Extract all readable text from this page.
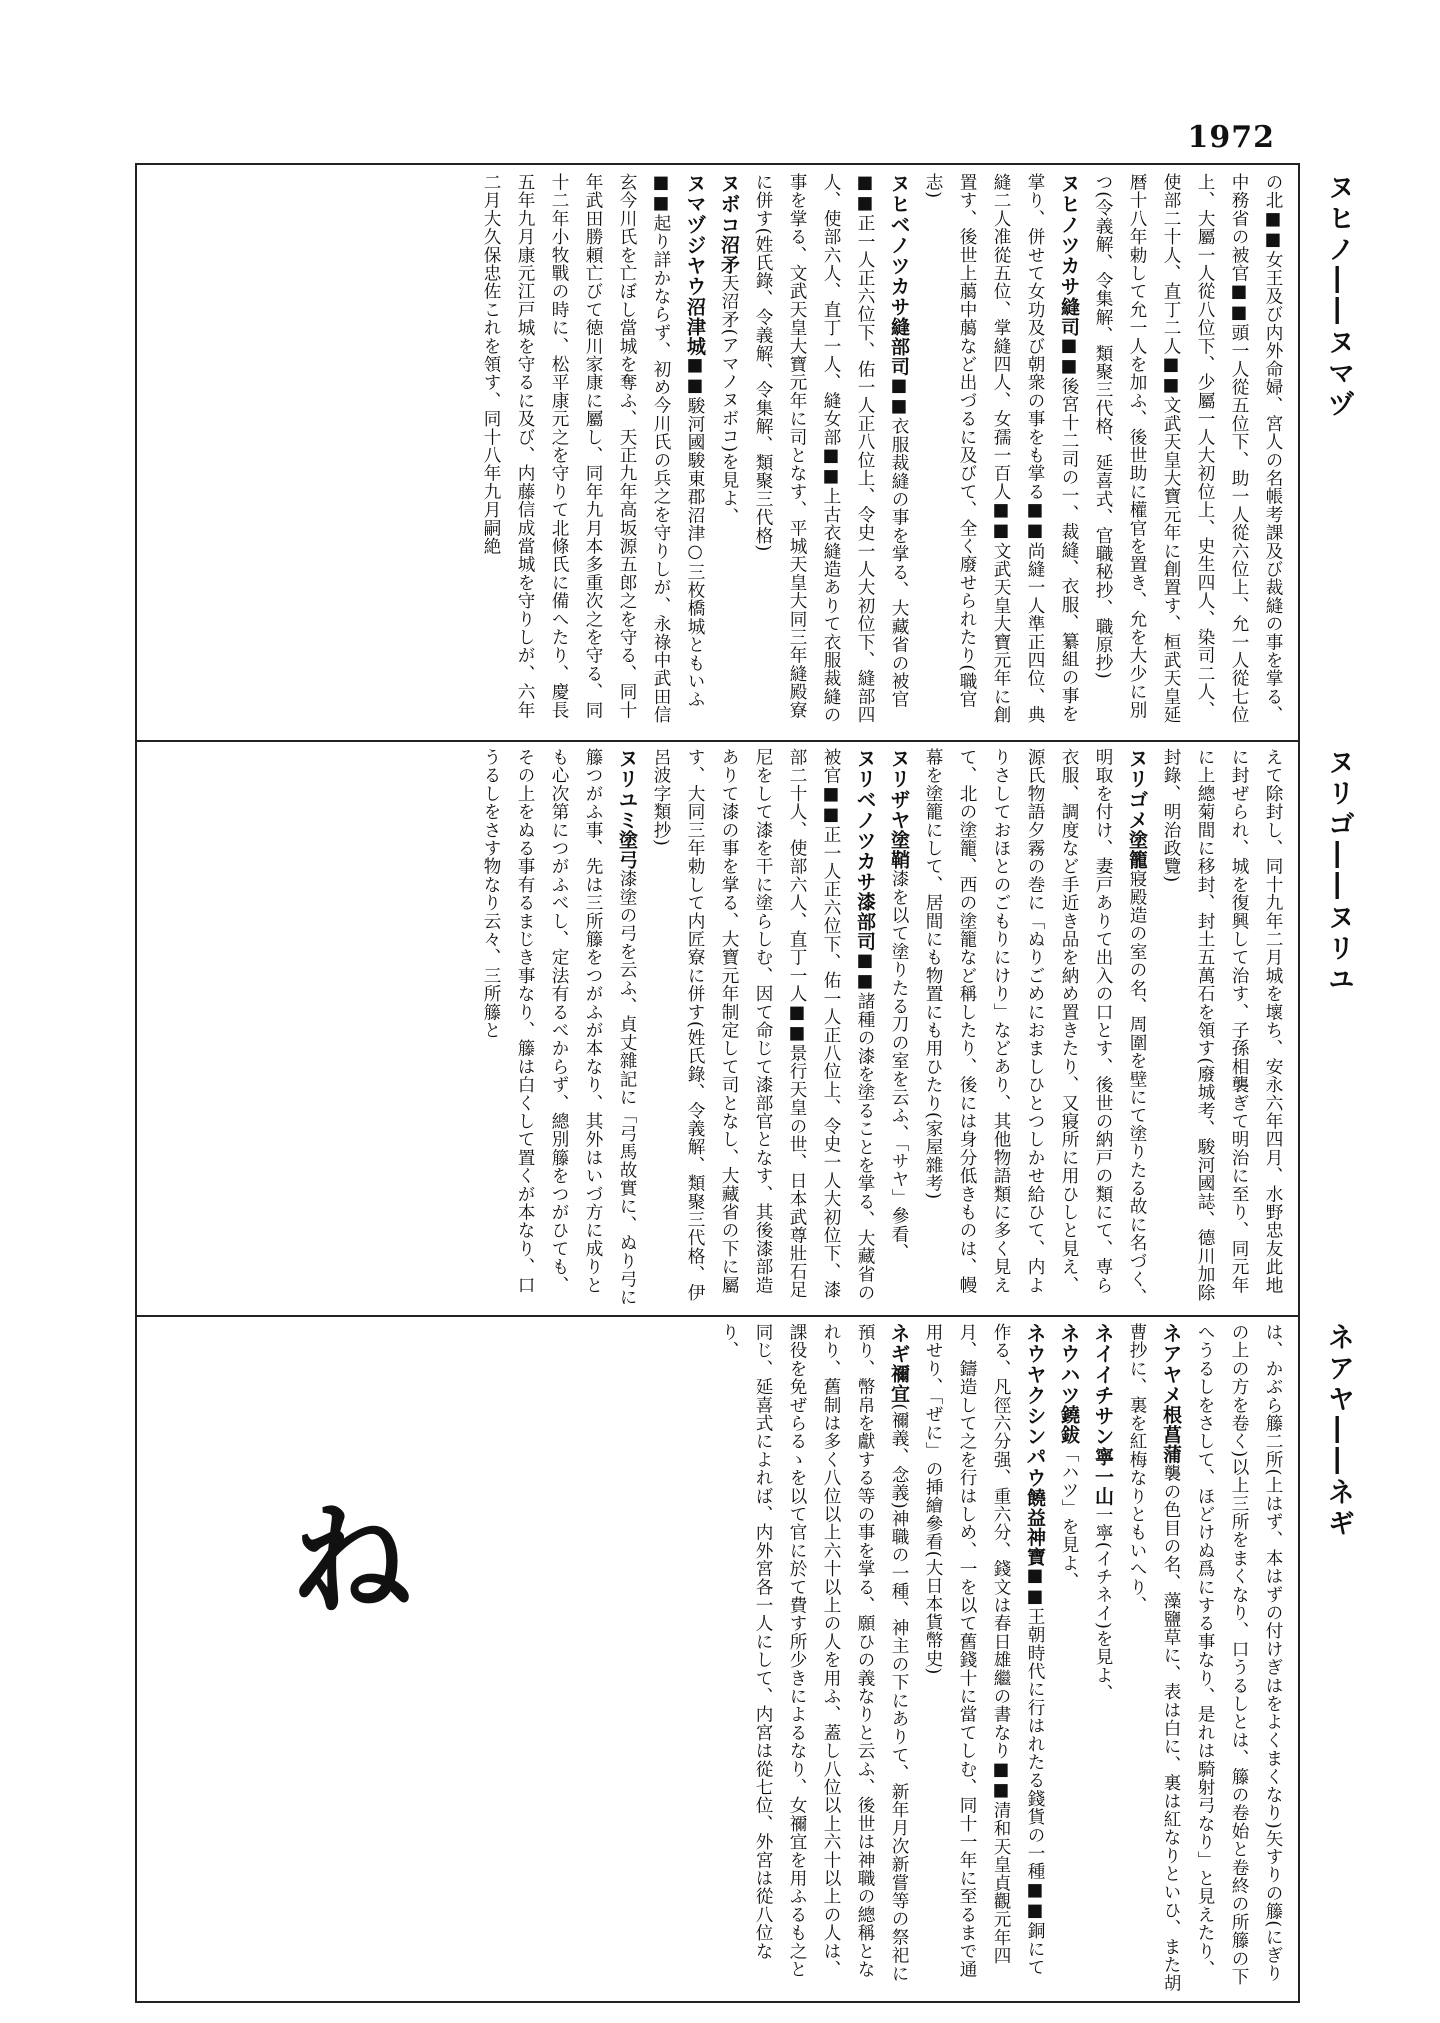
1972
ヌヒノ――ヌマヅ
の北■■女王及び内外命婦、宮人の名帳考課及び裁縫の事を掌る、中務省の被官■■頭一人從五位下、助一人從六位上、允一人從七位上、大屬一人從八位下、少屬一人大初位上、史生四人、染司二人、使部二十人、直丁二人■■文武天皇大寶元年に創置す、桓武天皇延暦十八年勅して允一人を加ふ、後世助に權官を置き、允を大少に別つ(令義解、令集解、類聚三代格、延喜式、官職秘抄、職原抄)
ヌヒノツカサ縫司■■後宮十二司の一、裁縫、衣服、纂組の事を掌り、併せて女功及び朝衆の事をも掌る■■尚縫一人準正四位、典縫二人准從五位、掌縫四人、女孺一百人■■文武天皇大寶元年に創置す、後世上﨟中﨟など出づるに及びて、全く廢せられたり(職官志)
ヌヒベノツカサ縫部司■■衣服裁縫の事を掌る、大藏省の被官■■正一人正六位下、佑一人正八位上、令史一人大初位下、縫部四人、使部六人、直丁一人、縫女部■■上古衣縫造ありて衣服裁縫の事を掌る、文武天皇大寶元年に司となす、平城天皇大同三年縫殿寮に併す(姓氏錄、令義解、令集解、類聚三代格)
ヌボコ沼矛天沼矛(アマノヌボコ)を見よ、
ヌマヅジヤウ沼津城■■駿河國駿東郡沼津○三枚橋城ともいふ■■起り詳かならず、初め今川氏の兵之を守りしが、永祿中武田信玄今川氏を亡ぼし當城を奪ふ、天正九年高坂源五郎之を守る、同十年武田勝頼亡びて徳川家康に屬し、同年九月本多重次之を守る、同十二年小牧戰の時に、松平康元之を守りて北條氏に備へたり、慶長五年九月康元江戸城を守るに及び、内藤信成當城を守りしが、六年二月大久保忠佐これを領す、同十八年九月嗣絶
ヌリゴ――ヌリユ
えて除封し、同十九年二月城を壞ち、安永六年四月、水野忠友此地に封ぜられ、城を復興して治す、子孫相襲ぎて明治に至り、同元年に上總菊間に移封、封土五萬石を領す(廢城考、駿河國誌、德川加除封錄、明治政覽)
ヌリゴメ塗籠寢殿造の室の名、周圍を壁にて塗りたる故に名づく、明取を付け、妻戸ありて出入の口とす、後世の納戸の類にて、専ら衣服、調度など手近き品を納め置きたり、又寢所に用ひしと見え、源氏物語夕霧の巻に「ぬりごめにおましひとつしかせ給ひて、内よりさしておほとのごもりにけり」などあり、其他物語類に多く見えて、北の塗籠、西の塗籠など稱したり、後には身分低きものは、幔幕を塗籠にして、居間にも物置にも用ひたり(家屋雜考)
ヌリザヤ塗鞘漆を以て塗りたる刀の室を云ふ、「サヤ」參看、
ヌリベノツカサ漆部司■■諸種の漆を塗ることを掌る、大藏省の被官■■正一人正六位下、佑一人正八位上、令史一人大初位下、漆部二十人、使部六人、直丁一人■■景行天皇の世、日本武尊壯石足尼をして漆を干に塗らしむ、因て命じて漆部官となす、其後漆部造ありて漆の事を掌る、大寶元年制定して司となし、大藏省の下に屬す、大同三年勅して内匠寮に併す(姓氏錄、令義解、類聚三代格、伊呂波字類抄)
ヌリユミ塗弓漆塗の弓を云ふ、貞丈雜記に「弓馬故實に、ぬり弓に籐つがふ事、先は三所籐をつがふが本なり、其外はいづ方に成りとも心次第につがふべし、定法有るべからず、總別籐をつがひても、その上をぬる事有るまじき事なり、籐は白くして置くが本なり、口うるしをさす物なり云々、三所籐と
ネアヤ――ネギ
ね	は、かぶら籐二所(上はず、本はずの付けぎはをよくまくなり)矢すりの籐(にぎりの上の方を卷く)以上三所をまくなり、口うるしとは、籐の卷始と卷終の所籐の下へうるしをさして、ほどけぬ爲にする事なり、是れは騎射弓なり」と見えたり、
ネアヤメ根菖蒲襲の色目の名、藻鹽草に、表は白に、裏は紅なりといひ、また胡曹抄に、裏を紅梅なりともいへり、
ネイイチサン寧一山一寧(イチネイ)を見よ、
ネウハツ鐃鈸「ハツ」を見よ、
ネウヤクシンパウ饒益神寶■■王朝時代に行はれたる錢貨の一種■■銅にて作る、凡徑六分强、重六分、錢文は春日雄繼の書なり■■清和天皇貞觀元年四月、鑄造して之を行はしめ、一を以て舊錢十に當てしむ、同十一年に至るまで通用せり、「ぜに」の挿繪參看(大日本貨幣史)
ネギ禰宜(禰義、念義)神職の一種、神主の下にありて、新年月次新嘗等の祭祀に預り、幣帛を獻する等の事を掌る、願ひの義なりと云ふ、後世は神職の總稱となれり、舊制は多く八位以上六十以上の人を用ふ、蓋し八位以上六十以上の人は、課役を免ぜらるゝを以て官に於て費す所少きによるなり、女禰宜を用ふるも之と同じ、延喜式によれば、内外宮各一人にして、内宮は從七位、外宮は從八位なり、
